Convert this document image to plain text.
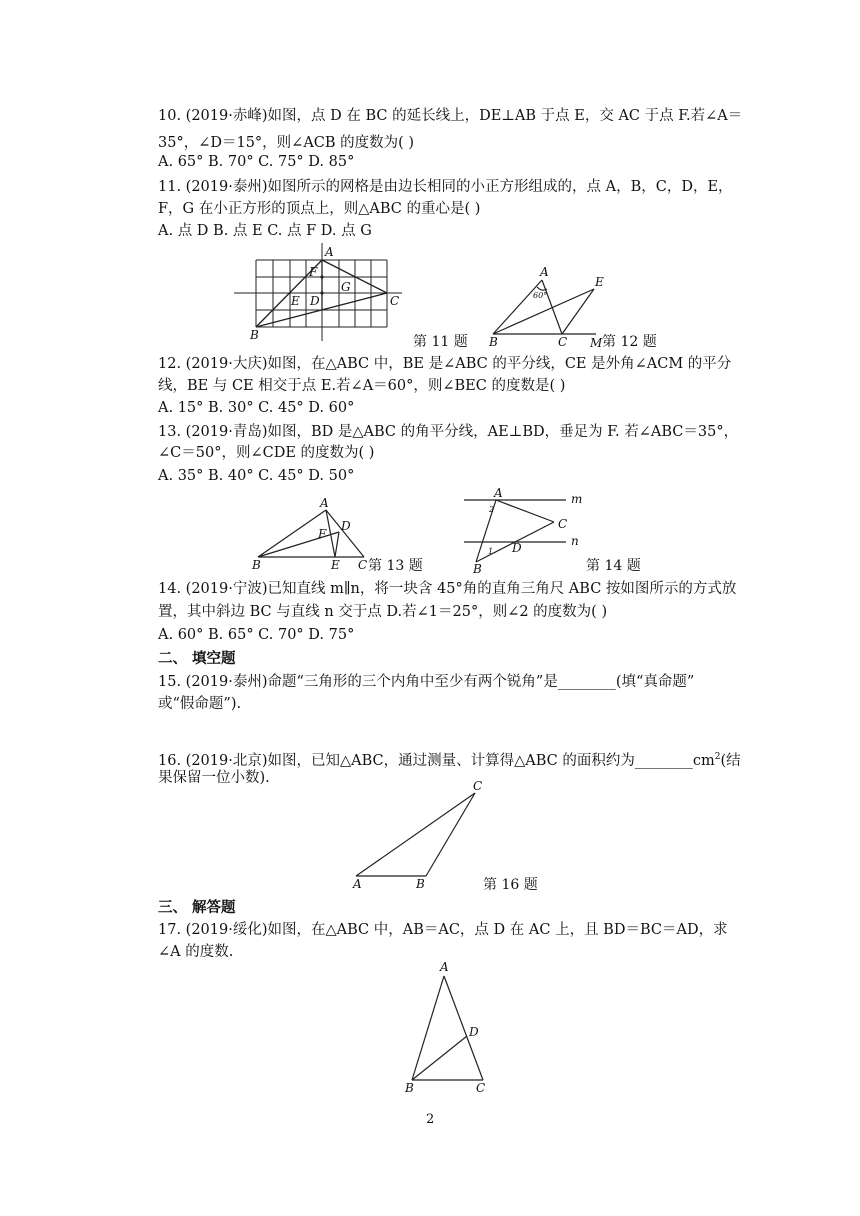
10. (2019·赤峰)如图，点 D 在 BC 的延长线上，DE⊥AB 于点 E，交 AC 于点 F.若∠A＝
35°，∠D＝15°，则∠ACB 的度数为( )
A. 65° B. 70° C. 75° D. 85°
11. (2019·泰州)如图所示的网格是由边长相同的小正方形组成的，点 A，B，C，D，E，
F，G 在小正方形的顶点上，则△ABC 的重心是( )
A. 点 D B. 点 E C. 点 F D. 点 G
A
B
C
D
E
F
G
第 11 题
A
B	C
E
M
60°
第 12 题
12. (2019·大庆)如图，在△ABC 中，BE 是∠ABC 的平分线，CE 是外角∠ACM 的平分
线，BE 与 CE 相交于点 E.若∠A＝60°，则∠BEC 的度数是( )
A. 15° B. 30° C. 45° D. 60°
13. (2019·青岛)如图，BD 是△ABC 的角平分线，AE⊥BD，垂足为 F. 若∠ABC＝35°，
∠C＝50°，则∠CDE 的度数为( )
A. 35° B. 40° C. 45° D. 50°
A
B	C
D
E
F
第 13 题
A
B
C
D
m
n
2
1
第 14 题
14. (2019·宁波)已知直线 m∥n，将一块含 45°角的直角三角尺 ABC 按如图所示的方式放
置，其中斜边 BC 与直线 n 交于点 D.若∠1＝25°，则∠2 的度数为( )
A. 60° B. 65° C. 70° D. 75°
二、 填空题
15. (2019·泰州)命题“三角形的三个内角中至少有两个锐角”是________(填“真命题”
或“假命题”).
16. (2019·北京)如图，已知△ABC，通过测量、计算得△ABC 的面积约为$\_\_\_\_\_\_\_\_cm^2$(结
果保留一位小数).
A	B
C
第 16 题
三、 解答题
17. (2019·绥化)如图，在△ABC 中，AB＝AC，点 D 在 AC 上，且 BD＝BC＝AD，求
∠A 的度数.
A
B	C
D
2
